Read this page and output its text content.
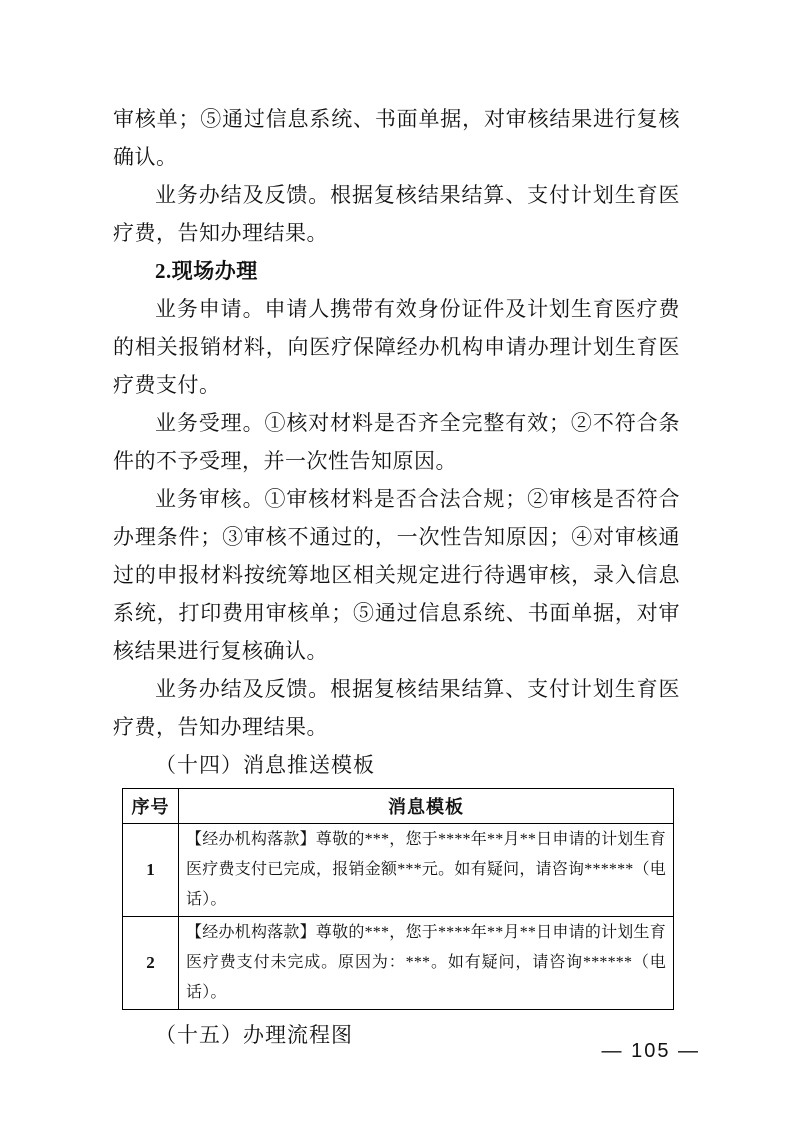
审核单；⑤通过信息系统、书面单据，对审核结果进行复核确认。

业务办结及反馈。根据复核结果结算、支付计划生育医疗费，告知办理结果。

2.现场办理

业务申请。申请人携带有效身份证件及计划生育医疗费的相关报销材料，向医疗保障经办机构申请办理计划生育医疗费支付。

业务受理。①核对材料是否齐全完整有效；②不符合条件的不予受理，并一次性告知原因。

业务审核。①审核材料是否合法合规；②审核是否符合办理条件；③审核不通过的，一次性告知原因；④对审核通过的申报材料按统筹地区相关规定进行待遇审核，录入信息系统，打印费用审核单；⑤通过信息系统、书面单据，对审核结果进行复核确认。

业务办结及反馈。根据复核结果结算、支付计划生育医疗费，告知办理结果。

（十四）消息推送模板

序号	消息模板
1	【经办机构落款】尊敬的***，您于****年**月**日申请的计划生育医疗费支付已完成，报销金额***元。如有疑问，请咨询******（电话）。
2	【经办机构落款】尊敬的***，您于****年**月**日申请的计划生育医疗费支付未完成。原因为：***。如有疑问，请咨询******（电话）。

（十五）办理流程图

— 105 —
